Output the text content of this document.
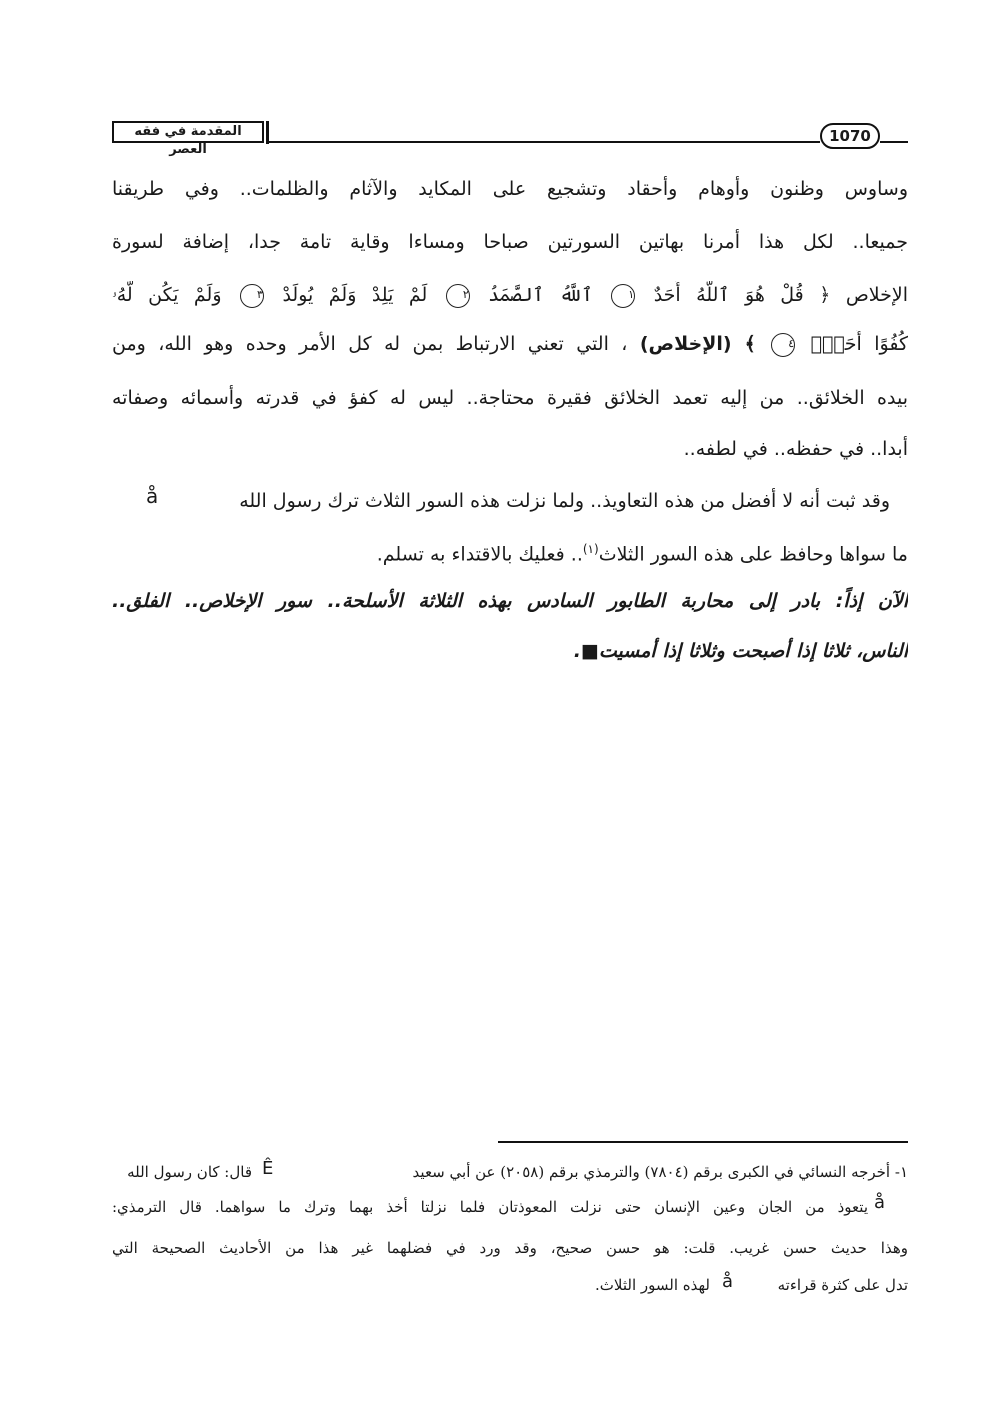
المقدمة في فقه العصر
1070
وساوس وظنون وأوهام وأحقاد وتشجيع على المكايد والآثام والظلمات.. وفي طريقنا
جميعا.. لكل هذا أمرنا بهاتين السورتين صباحا ومساءا وقاية تامة جدا، إضافة لسورة
الإخلاص ﴿ قُلْ هُوَ ٱللَّهُ أَحَدٌ ١ ٱللَّهُ ٱلصَّمَدُ ٢ لَمْ يَلِدْ وَلَمْ يُولَدْ ٣ وَلَمْ يَكُن لَّهُۥ
كُفُوًا أَحَدٌۢ ٤ ﴾ (الإخلاص) ، التي تعني الارتباط بمن له كل الأمر وحده وهو الله، ومن
بيده الخلائق.. من إليه تعمد الخلائق فقيرة محتاجة.. ليس له كفؤ في قدرته وأسمائه وصفاته
أبدا.. في حفظه.. في لطفه..
وقد ثبت أنه لا أفضل من هذه التعاويذ.. ولما نزلت هذه السور الثلاث ترك رسول الله
å
ما سواها وحافظ على هذه السور الثلاث$^{(١)}$.. فعليك بالاقتداء به تسلم.
الآن إذاً: بادر إلى محاربة الطابور السادس بهذه الثلاثة الأسلحة.. سور الإخلاص.. الفلق..
الناس، ثلاثا إذا أصبحت وثلاثا إذا أمسيت■.
١- أخرجه النسائي في الكبرى برقم (٧٨٠٤) والترمذي برقم (٢٠٥٨) عن أبي سعيد
Ê
قال: كان رسول الله
å
يتعوذ من الجان وعين الإنسان حتى نزلت المعوذتان فلما نزلتا أخذ بهما وترك ما سواهما. قال الترمذي:
وهذا حديث حسن غريب. قلت: هو حسن صحيح، وقد ورد في فضلهما غير هذا من الأحاديث الصحيحة التي
تدل على كثرة قراءته
å
لهذه السور الثلاث.
